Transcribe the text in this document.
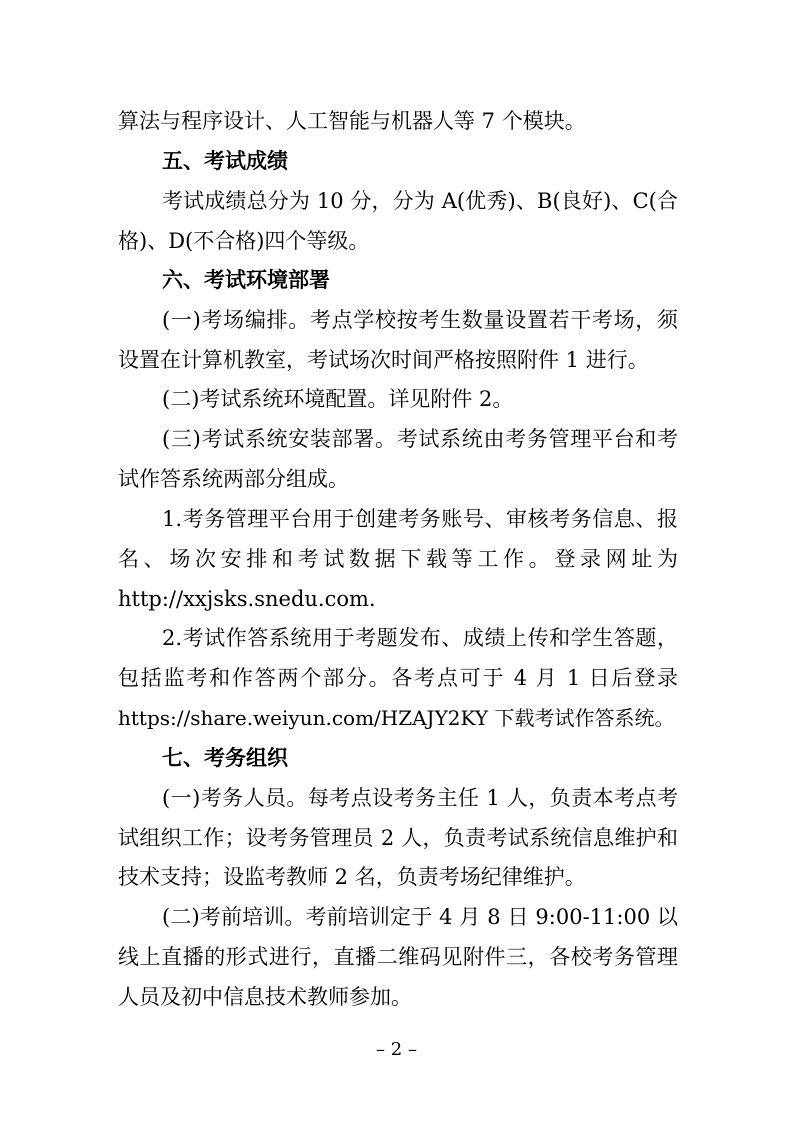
算法与程序设计、人工智能与机器人等 7 个模块。
五、考试成绩
考试成绩总分为 10 分，分为 A(优秀)、B(良好)、C(合
格)、D(不合格)四个等级。
六、考试环境部署
(一)考场编排。考点学校按考生数量设置若干考场，须
设置在计算机教室，考试场次时间严格按照附件 1 进行。
(二)考试系统环境配置。详见附件 2。
(三)考试系统安装部署。考试系统由考务管理平台和考
试作答系统两部分组成。
1.考务管理平台用于创建考务账号、审核考务信息、报
名、场次安排和考试数据下载等工作。登录网址为
http://xxjsks.snedu.com.
2.考试作答系统用于考题发布、成绩上传和学生答题，
包括监考和作答两个部分。各考点可于 4 月 1 日后登录
https://share.weiyun.com/HZAJY2KY 下载考试作答系统。
七、考务组织
(一)考务人员。每考点设考务主任 1 人，负责本考点考
试组织工作；设考务管理员 2 人，负责考试系统信息维护和
技术支持；设监考教师 2 名，负责考场纪律维护。
(二)考前培训。考前培训定于 4 月 8 日 9:00-11:00 以
线上直播的形式进行，直播二维码见附件三，各校考务管理
人员及初中信息技术教师参加。
– 2 –
